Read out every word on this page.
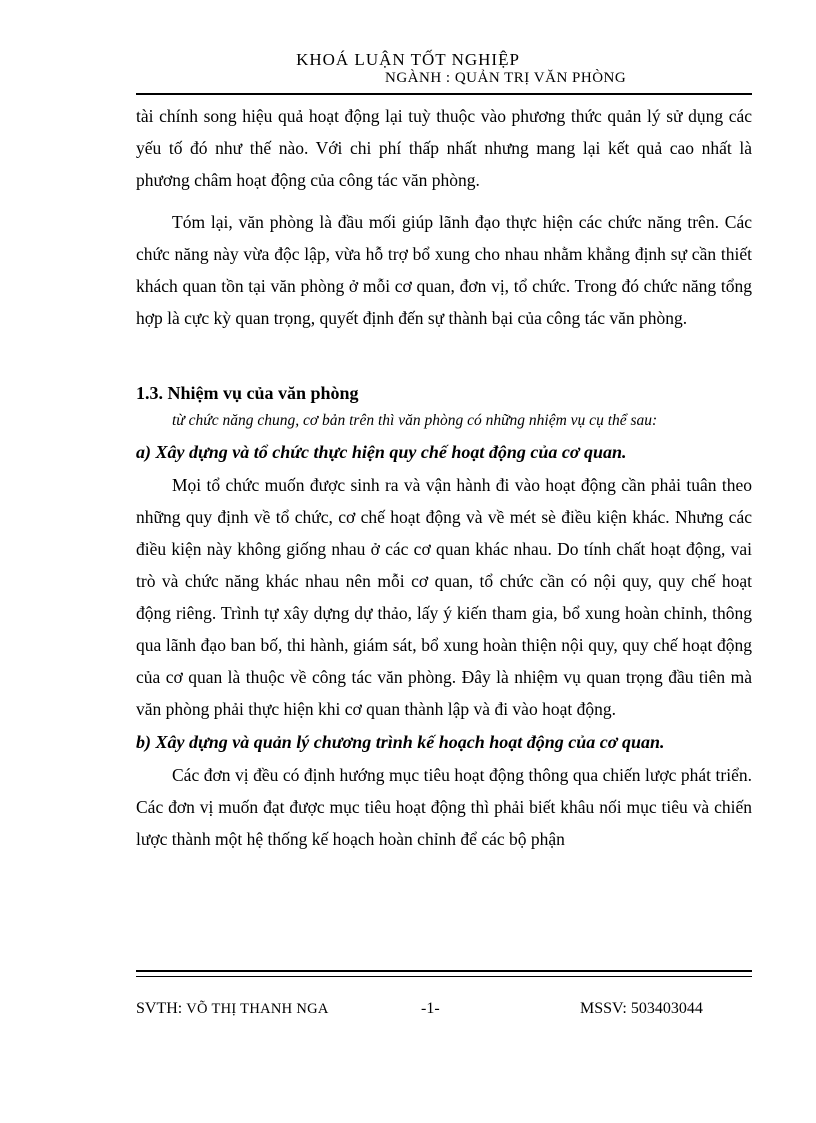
KHOÁ LUẬN TỐT NGHIỆP
NGÀNH : QUẢN TRỊ VĂN PHÒNG

tài chính song hiệu quả hoạt động lại tuỳ thuộc vào phương thức quản lý sử dụng các yếu tố đó như thế nào. Với chi phí thấp nhất nhưng mang lại kết quả cao nhất là phương châm hoạt động của công tác văn phòng.

Tóm lại, văn phòng là đầu mối giúp lãnh đạo thực hiện các chức năng trên. Các chức năng này vừa độc lập, vừa hỗ trợ bổ xung cho nhau nhằm khẳng định sự cần thiết khách quan tồn tại văn phòng ở mỗi cơ quan, đơn vị, tổ chức. Trong đó chức năng tổng hợp là cực kỳ quan trọng, quyết định đến sự thành bại của công tác văn phòng.

1.3. Nhiệm vụ của văn phòng

từ chức năng chung, cơ bản trên thì văn phòng có những nhiệm vụ cụ thể sau:

a) Xây dựng và tổ chức thực hiện quy chế hoạt động của cơ quan.

Mọi tổ chức muốn được sinh ra và vận hành đi vào hoạt động cần phải tuân theo những quy định về tổ chức, cơ chế hoạt động và về mét sè điều kiện khác. Nhưng các điều kiện này không giống nhau ở các cơ quan khác nhau. Do tính chất hoạt động, vai trò và chức năng khác nhau nên mỗi cơ quan, tổ chức cần có nội quy, quy chế hoạt động riêng. Trình tự xây dựng dự thảo, lấy ý kiến tham gia, bổ xung hoàn chỉnh, thông qua lãnh đạo ban bố, thi hành, giám sát, bổ xung hoàn thiện nội quy, quy chế hoạt động của cơ quan là thuộc về công tác văn phòng. Đây là nhiệm vụ quan trọng đầu tiên mà văn phòng phải thực hiện khi cơ quan thành lập và đi vào hoạt động.

b) Xây dựng và quản lý chương trình kế hoạch hoạt động của cơ quan.

Các đơn vị đều có định hướng mục tiêu hoạt động thông qua chiến lược phát triển. Các đơn vị muốn đạt được mục tiêu hoạt động thì phải biết khâu nối mục tiêu và chiến lược thành một hệ thống kế hoạch hoàn chỉnh để các bộ phận

SVTH: VÕ THỊ THANH NGA	-1-	MSSV: 503403044
